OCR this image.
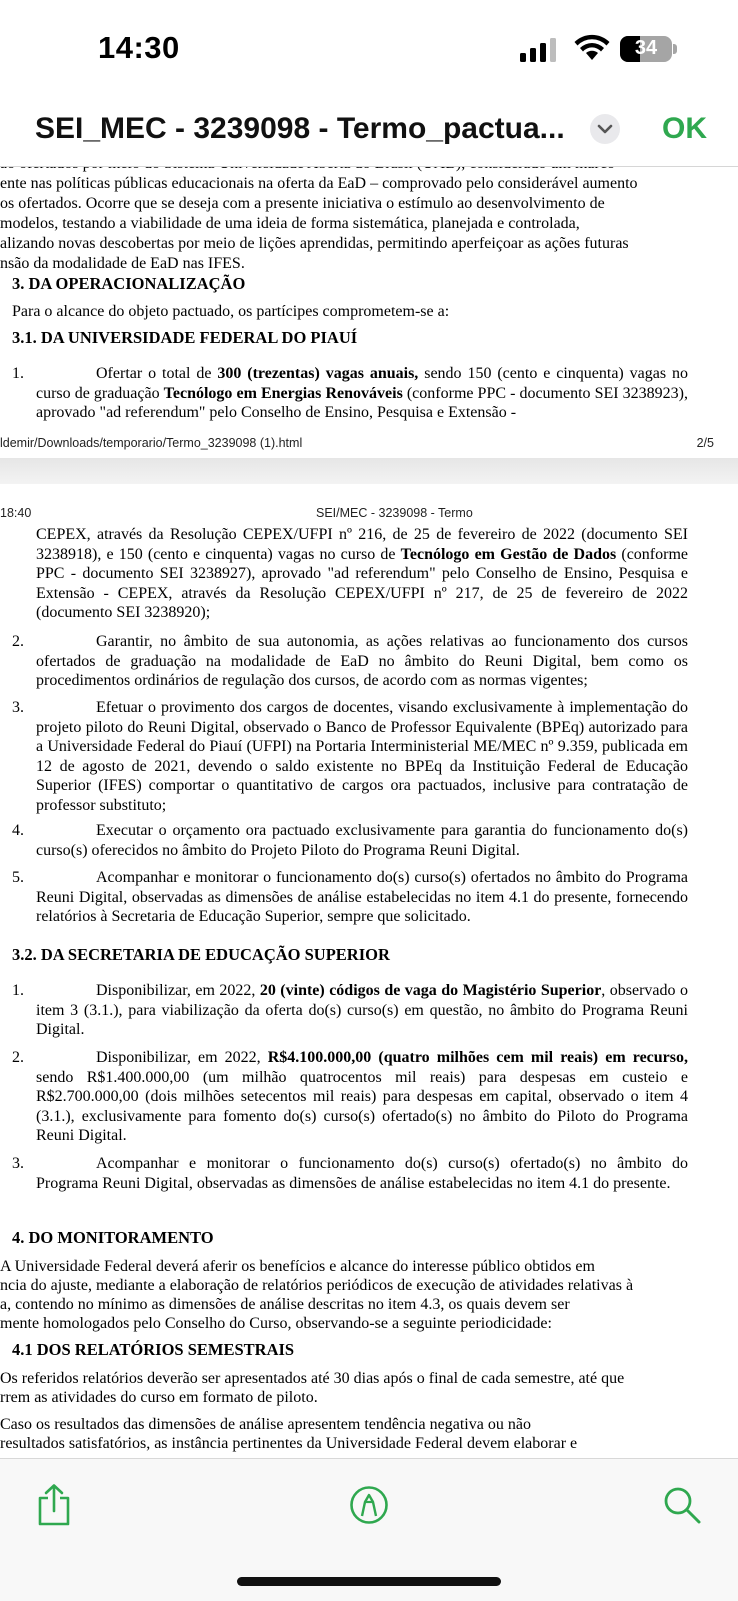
14:30	34
SEI_MEC - 3239098 - Termo_pactua...	OK
ente nas políticas públicas educacionais na oferta da EaD – comprovado pelo considerável aumento
os ofertados. Ocorre que se deseja com a presente iniciativa o estímulo ao desenvolvimento de
modelos, testando a viabilidade de uma ideia de forma sistemática, planejada e controlada,
alizando novas descobertas por meio de lições aprendidas, permitindo aperfeiçoar as ações futuras
nsão da modalidade de EaD nas IFES.
3. DA OPERACIONALIZAÇÃO
Para o alcance do objeto pactuado, os partícipes comprometem-se a:
3.1. DA UNIVERSIDADE FEDERAL DO PIAUÍ
1.	Ofertar o total de 300 (trezentas) vagas anuais, sendo 150 (cento e cinquenta) vagas no curso de graduação Tecnólogo em Energias Renováveis (conforme PPC - documento SEI 3238923), aprovado "ad referendum" pelo Conselho de Ensino, Pesquisa e Extensão -

ldemir/Downloads/temporario/Termo_3239098 (1).html	2/5
18:40	SEI/MEC - 3239098 - Termo

CEPEX, através da Resolução CEPEX/UFPI nº 216, de 25 de fevereiro de 2022 (documento SEI 3238918), e 150 (cento e cinquenta) vagas no curso de Tecnólogo em Gestão de Dados (conforme PPC - documento SEI 3238927), aprovado "ad referendum" pelo Conselho de Ensino, Pesquisa e Extensão - CEPEX, através da Resolução CEPEX/UFPI nº 217, de 25 de fevereiro de 2022 (documento SEI 3238920);

2.	Garantir, no âmbito de sua autonomia, as ações relativas ao funcionamento dos cursos ofertados de graduação na modalidade de EaD no âmbito do Reuni Digital, bem como os procedimentos ordinários de regulação dos cursos, de acordo com as normas vigentes;

3.	Efetuar o provimento dos cargos de docentes, visando exclusivamente à implementação do projeto piloto do Reuni Digital, observado o Banco de Professor Equivalente (BPEq) autorizado para a Universidade Federal do Piauí (UFPI) na Portaria Interministerial ME/MEC nº 9.359, publicada em 12 de agosto de 2021, devendo o saldo existente no BPEq da Instituição Federal de Educação Superior (IFES) comportar o quantitativo de cargos ora pactuados, inclusive para contratação de professor substituto;

4.	Executar o orçamento ora pactuado exclusivamente para garantia do funcionamento do(s) curso(s) oferecidos no âmbito do Projeto Piloto do Programa Reuni Digital.

5.	Acompanhar e monitorar o funcionamento do(s) curso(s) ofertados no âmbito do Programa Reuni Digital, observadas as dimensões de análise estabelecidas no item 4.1 do presente, fornecendo relatórios à Secretaria de Educação Superior, sempre que solicitado.

3.2. DA SECRETARIA DE EDUCAÇÃO SUPERIOR
1.	Disponibilizar, em 2022, 20 (vinte) códigos de vaga do Magistério Superior, observado o item 3 (3.1.), para viabilização da oferta do(s) curso(s) em questão, no âmbito do Programa Reuni Digital.

2.	Disponibilizar, em 2022, R$4.100.000,00 (quatro milhões cem mil reais) em recurso, sendo R$1.400.000,00 (um milhão quatrocentos mil reais) para despesas em custeio e R$2.700.000,00 (dois milhões setecentos mil reais) para despesas em capital, observado o item 4 (3.1.), exclusivamente para fomento do(s) curso(s) ofertado(s) no âmbito do Piloto do Programa Reuni Digital.

3.	Acompanhar e monitorar o funcionamento do(s) curso(s) ofertado(s) no âmbito do Programa Reuni Digital, observadas as dimensões de análise estabelecidas no item 4.1 do presente.

4. DO MONITORAMENTO
A Universidade Federal deverá aferir os benefícios e alcance do interesse público obtidos em
ncia do ajuste, mediante a elaboração de relatórios periódicos de execução de atividades relativas à
a, contendo no mínimo as dimensões de análise descritas no item 4.3, os quais devem ser
mente homologados pelo Conselho do Curso, observando-se a seguinte periodicidade:
4.1 DOS RELATÓRIOS SEMESTRAIS
Os referidos relatórios deverão ser apresentados até 30 dias após o final de cada semestre, até que
rrem as atividades do curso em formato de piloto.
Caso os resultados das dimensões de análise apresentem tendência negativa ou não
resultados satisfatórios, as instância pertinentes da Universidade Federal devem elaborar e
